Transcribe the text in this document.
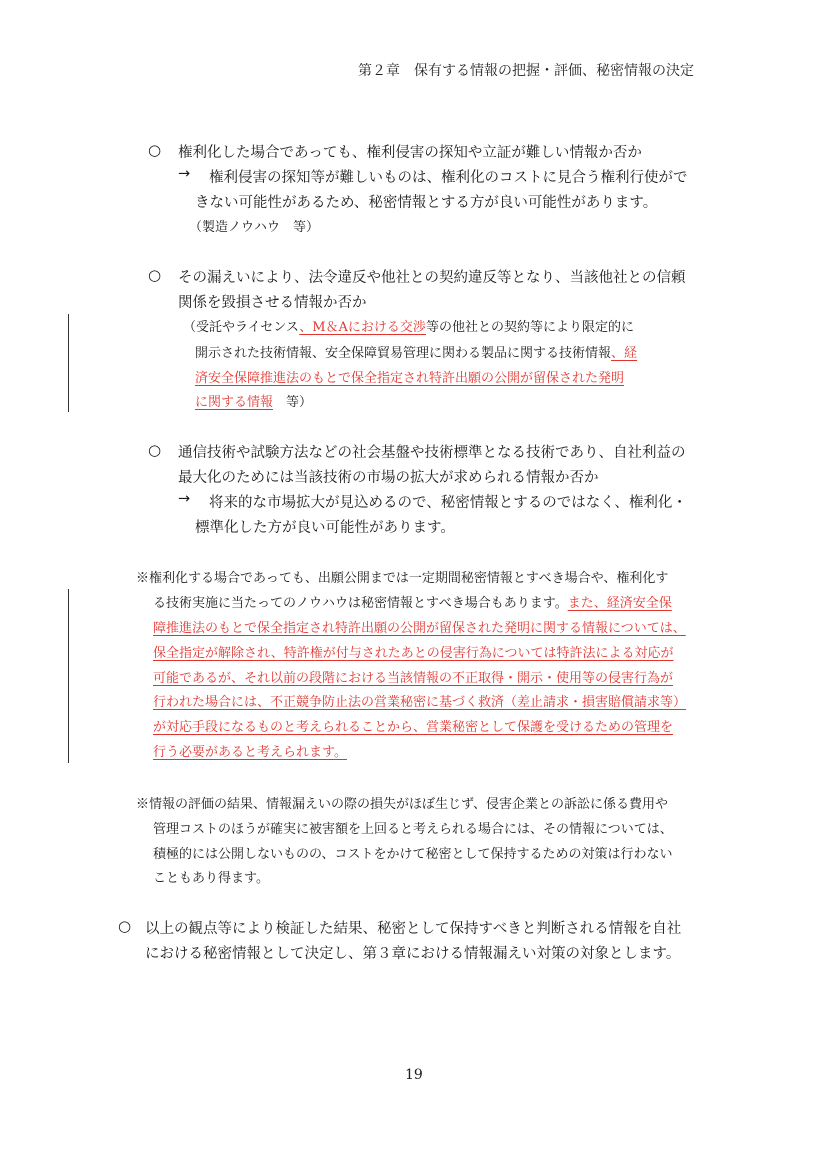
第２章　保有する情報の把握・評価、秘密情報の決定
○ 権利化した場合であっても、権利侵害の探知や立証が難しい情報か否か
→ 権利侵害の探知等が難しいものは、権利化のコストに見合う権利行使がで
きない可能性があるため、秘密情報とする方が良い可能性があります。
（製造ノウハウ　等）
○ その漏えいにより、法令違反や他社との契約違反等となり、当該他社との信頼
関係を毀損させる情報か否か
（受託やライセンス、M＆Aにおける交渉等の他社との契約等により限定的に
開示された技術情報、安全保障貿易管理に関わる製品に関する技術情報、経
済安全保障推進法のもとで保全指定され特許出願の公開が留保された発明
に関する情報　等）
○ 通信技術や試験方法などの社会基盤や技術標準となる技術であり、自社利益の
最大化のためには当該技術の市場の拡大が求められる情報か否か
→ 将来的な市場拡大が見込めるので、秘密情報とするのではなく、権利化・
標準化した方が良い可能性があります。
※権利化する場合であっても、出願公開までは一定期間秘密情報とすべき場合や、権利化す
る技術実施に当たってのノウハウは秘密情報とすべき場合もあります。また、経済安全保
障推進法のもとで保全指定され特許出願の公開が留保された発明に関する情報については、
保全指定が解除され、特許権が付与されたあとの侵害行為については特許法による対応が
可能であるが、それ以前の段階における当該情報の不正取得・開示・使用等の侵害行為が
行われた場合には、不正競争防止法の営業秘密に基づく救済（差止請求・損害賠償請求等）
が対応手段になるものと考えられることから、営業秘密として保護を受けるための管理を
行う必要があると考えられます。
※情報の評価の結果、情報漏えいの際の損失がほぼ生じず、侵害企業との訴訟に係る費用や
管理コストのほうが確実に被害額を上回ると考えられる場合には、その情報については、
積極的には公開しないものの、コストをかけて秘密として保持するための対策は行わない
こともあり得ます。
○ 以上の観点等により検証した結果、秘密として保持すべきと判断される情報を自社
における秘密情報として決定し、第３章における情報漏えい対策の対象とします。
19
